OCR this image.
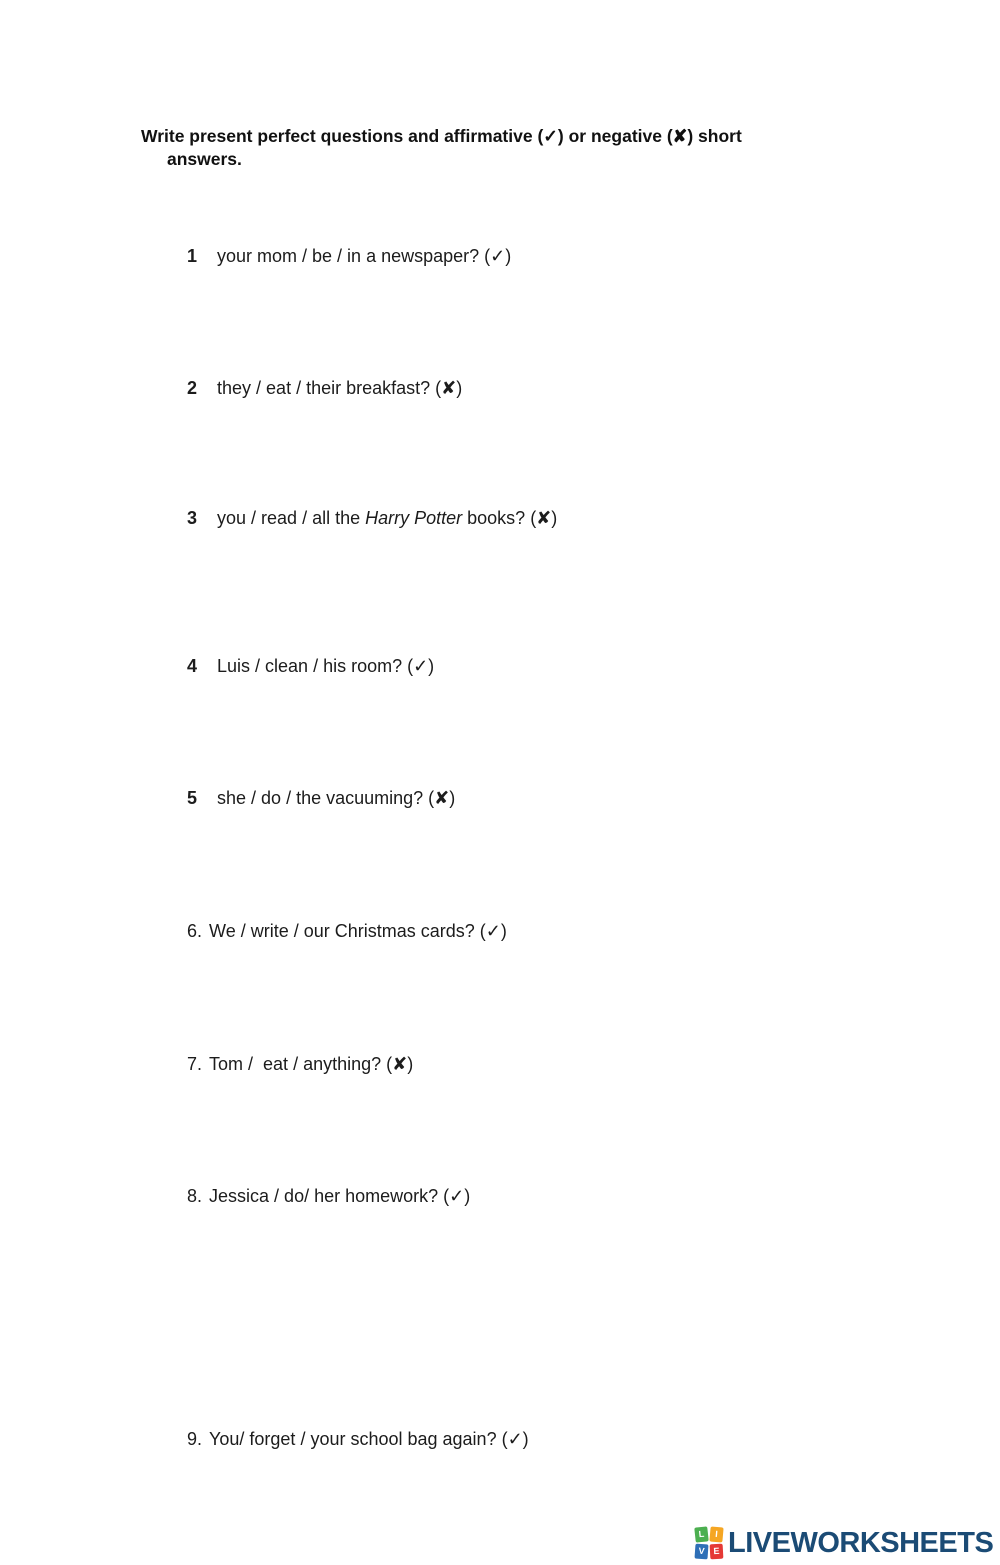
Write present perfect questions and affirmative (✓) or negative (✘) short
answers.

1 your mom / be / in a newspaper? (✓)

2 they / eat / their breakfast? (✘)

3 you / read / all the Harry Potter books? (✘)

4 Luis / clean / his room? (✓)

5 she / do / the vacuuming? (✘)

6. We / write / our Christmas cards? (✓)

7. Tom /  eat / anything? (✘)

8. Jessica / do/ her homework? (✓)

9. You/ forget / your school bag again? (✓)

L	I
V E LIVEWORKSHEETS
